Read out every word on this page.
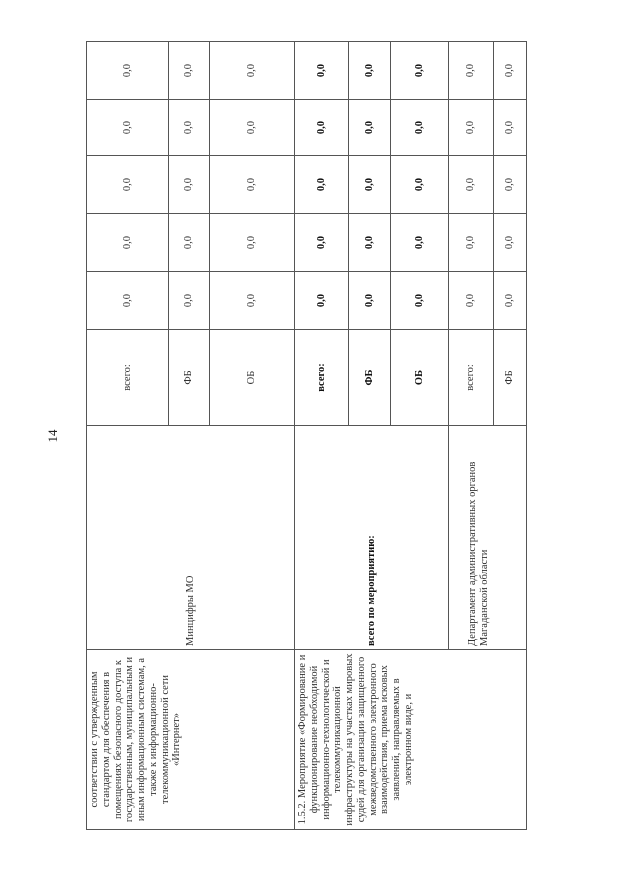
14
соответствии с утвержденным стандартом для обеспечения в помещениях безопасного доступа к государственным, муниципальным и иным информационным системам, а также к информационно-телекоммуникационной сети «Интернет»	Минцифры МО	всего:	0,0	0,0	0,0	0,0	0,0
		ФБ	0,0	0,0	0,0	0,0	0,0
		ОБ	0,0	0,0	0,0	0,0	0,0
1.5.2. Мероприятие «Формирование и функционирование необходимой информационно-технологической и телекоммуникационной инфраструктуры на участках мировых судей для организации защищенного межведомственного электронного взаимодействия, приема исковых заявлений, направляемых в электронном виде, и	всего по мероприятию:	всего:	0,0	0,0	0,0	0,0	0,0
		ФБ	0,0	0,0	0,0	0,0	0,0
		ОБ	0,0	0,0	0,0	0,0	0,0
	Департамент административных органов Магаданской области	всего:	0,0	0,0	0,0	0,0	0,0
		ФБ	0,0	0,0	0,0	0,0	0,0
